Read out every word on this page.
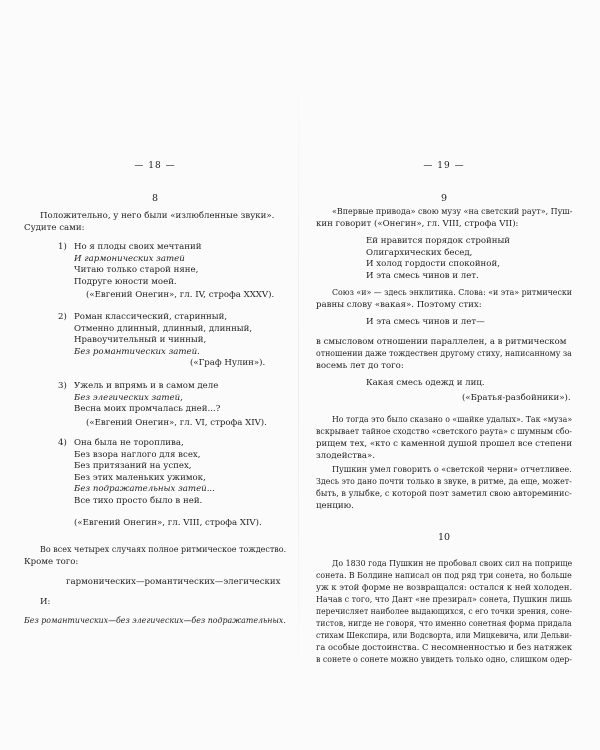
— 18 —
8
Положительно, у него были «излюбленные звуки».
Судите сами:
1) Но я плоды своих мечтаний
И гармонических затей
Читаю только старой няне,
Подруге юности моей.
(«Евгений Онегин», гл. IV, строфа XXXV).
2) Роман классический, старинный,
Отменно длинный, длинный, длинный,
Нравоучительный и чинный,
Без романтических затей.
(«Граф Нулин»).
3) Ужель и впрямь и в самом деле
Без элегических затей,
Весна моих промчалась дней...?
(«Евгений Онегин», гл. VI, строфа XIV).
4) Она была не тороплива,
Без взора наглого для всех,
Без притязаний на успех,
Без этих маленьких ужимок,
Без подражательных затей...
Все тихо просто было в ней.
(«Евгений Онегин», гл. VIII, строфа XIV).
Во всех четырех случаях полное ритмическое тождество.
Кроме того:
гармонических—романтических—элегических
И:
Без романтических—без элегических—без подражательных.
— 19 —
9
«Впервые привода» свою музу «на светский раут», Пуш-
кин говорит («Онегин», гл. VIII, строфа VII):
Ей нравится порядок стройный
Олигархических бесед,
И холод гордости спокойной,
И эта смесь чинов и лет.
Союз «и» — здесь энклитика. Слова: «и эта» ритмически
равны слову «вакая». Поэтому стих:
И эта смесь чинов и лет—
в смысловом отношении параллелен, а в ритмическом
отношении даже тождествен другому стиху, написанному за
восемь лет до того:
Какая смесь одежд и лиц.
(«Братья-разбойники»).
Но тогда это было сказано о «шайке удалых». Так «муза»
вскрывает тайное сходство «светского раута» с шумным сбо-
рищем тех, «кто с каменной душой прошел все степени
злодейства».
Пушкин умел говорить о «светской черни» отчетливее.
Здесь это дано почти только в звуке, в ритме, да еще, может-
быть, в улыбке, с которой поэт заметил свою автореминис-
ценцию.
10
До 1830 года Пушкин не пробовал своих сил на поприще
сонета. В Болдине написал он под ряд три сонета, но больше
уж к этой форме не возвращался: остался к ней холоден.
Начав с того, что Дант «не презирал» сонета, Пушкин лишь
перечисляет наиболее выдающихся, с его точки зрения, соне-
тистов, нигде не говоря, что именно сонетная форма придала
стихам Шекспира, или Водсворта, или Мицкевича, или Дельви-
га особые достоинства. С несомненностью и без натяжек
в сонете о сонете можно увидеть только одно, слишком одер-
